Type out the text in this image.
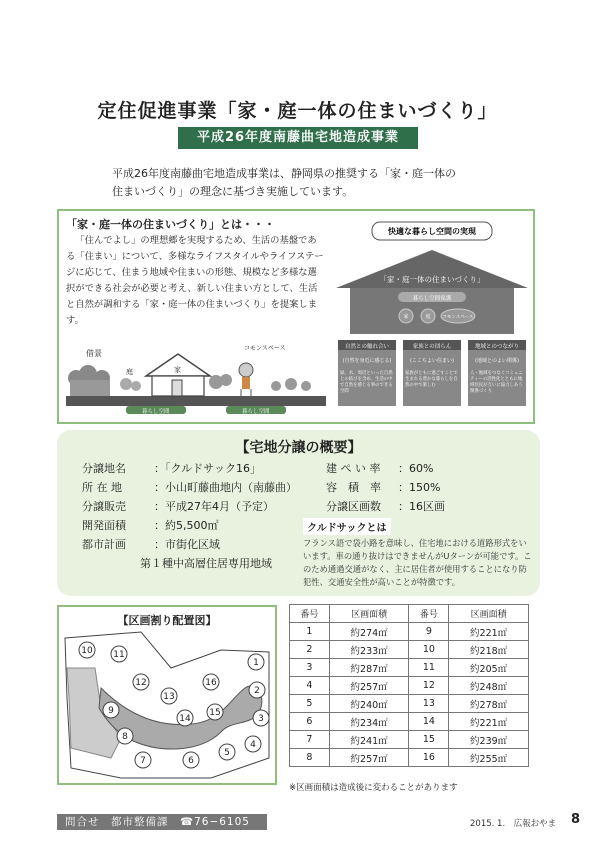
定住促進事業「家・庭一体の住まいづくり」
平成26年度南藤曲宅地造成事業

平成26年度南藤曲宅地造成事業は、静岡県の推奨する「家・庭一体の

住まいづくり」の理念に基づき実施しています。

「家・庭一体の住まいづくり」とは・・・
「住んでよし」の理想郷を実現するため、生活の基盤である「住まい」について、多様なライフスタイルやライフステージに応じて、住まう地域や住まいの形態、規模など多様な選択ができる社会が必要と考え、新しい住まい方として、生活と自然が調和する「家・庭一体の住まいづくり」を提案します。
借景
庭	家
コモンスペース
暮らし空間	暮らし空間
快適な暮らし空間の実現
「家・庭一体の住まいづくり」
暮らし空間保護
家	庭	コモンスペース
自然との触れ合い	家族との団らん	地域とのつながり
(自然を身近に感じる)	(ここちよい住まい)	(地域とのよい関係)
緑、水、周辺といった自然との結びを含め、生活の中で自然を感じる事のできる空間
家族がともに過ごすことで生まれる豊かな暮らしを自然の中で楽しむ
人・地域をつなぐコミュニティーの活性化とともに地域住民が互いに協力しあう関係づくり
【宅地分譲の概要】
分譲地名	：「クルドサック16」
所 在 地	：小山町藤曲地内（南藤曲）
分譲販売	：平成27年4月（予定）
開発面積	：約5,500㎡
都市計画	：市街化区域
第１種中高層住居専用地域
建 ぺ い 率 ：60%
容　積　率 ：150%
分譲区画数 ：16区画
クルドサックとは
フランス語で袋小路を意味し、住宅地における道路形式をいいます。車の通り抜けはできませんがUターンが可能です。このため通過交通がなく、主に居住者が使用することになり防犯性、交通安全性が高いことが特徴です。
【区画割り配置図】
1
2
3
4
5
6
7
8
9
10 11
12
13
14
15
16
番号	区画面積	番号	区画面積
1	約274㎡	9	約221㎡
2	約233㎡	10	約218㎡
3	約287㎡	11	約205㎡
4	約257㎡	12	約248㎡
5	約240㎡	13	約278㎡
6	約234㎡	14	約221㎡
7	約241㎡	15	約239㎡
8	約257㎡	16	約255㎡
※区画面積は造成後に変わることがあります
問合せ　都市整備課　☎76−6105	2015. 1.　広報おやま 8
